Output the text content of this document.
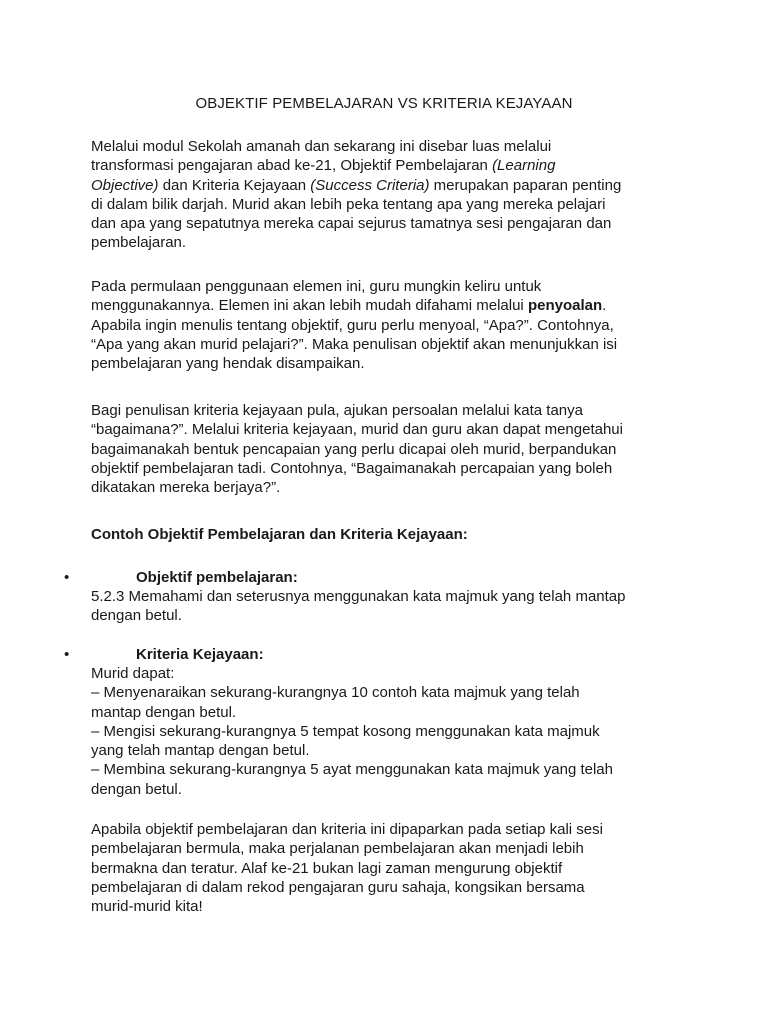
OBJEKTIF PEMBELAJARAN VS KRITERIA KEJAYAAN
Melalui modul Sekolah amanah dan sekarang ini disebar luas melalui
transformasi pengajaran abad ke-21, Objektif Pembelajaran (Learning
Objective) dan Kriteria Kejayaan (Success Criteria) merupakan paparan penting
di dalam bilik darjah. Murid akan lebih peka tentang apa yang mereka pelajari
dan apa yang sepatutnya mereka capai sejurus tamatnya sesi pengajaran dan
pembelajaran.
Pada permulaan penggunaan elemen ini, guru mungkin keliru untuk
menggunakannya. Elemen ini akan lebih mudah difahami melalui penyoalan.
Apabila ingin menulis tentang objektif, guru perlu menyoal, “Apa?”. Contohnya,
“Apa yang akan murid pelajari?”. Maka penulisan objektif akan menunjukkan isi
pembelajaran yang hendak disampaikan.
Bagi penulisan kriteria kejayaan pula, ajukan persoalan melalui kata tanya
“bagaimana?”. Melalui kriteria kejayaan, murid dan guru akan dapat mengetahui
bagaimanakah bentuk pencapaian yang perlu dicapai oleh murid, berpandukan
objektif pembelajaran tadi. Contohnya, “Bagaimanakah percapaian yang boleh
dikatakan mereka berjaya?”.
Contoh Objektif Pembelajaran dan Kriteria Kejayaan:
•	Objektif pembelajaran:
5.2.3 Memahami dan seterusnya menggunakan kata majmuk yang telah mantap
dengan betul.
•	Kriteria Kejayaan:
Murid dapat:
– Menyenaraikan sekurang-kurangnya 10 contoh kata majmuk yang telah
mantap dengan betul.
– Mengisi sekurang-kurangnya 5 tempat kosong menggunakan kata majmuk
yang telah mantap dengan betul.
– Membina sekurang-kurangnya 5 ayat menggunakan kata majmuk yang telah
dengan betul.
Apabila objektif pembelajaran dan kriteria ini dipaparkan pada setiap kali sesi
pembelajaran bermula, maka perjalanan pembelajaran akan menjadi lebih
bermakna dan teratur. Alaf ke-21 bukan lagi zaman mengurung objektif
pembelajaran di dalam rekod pengajaran guru sahaja, kongsikan bersama
murid-murid kita!
